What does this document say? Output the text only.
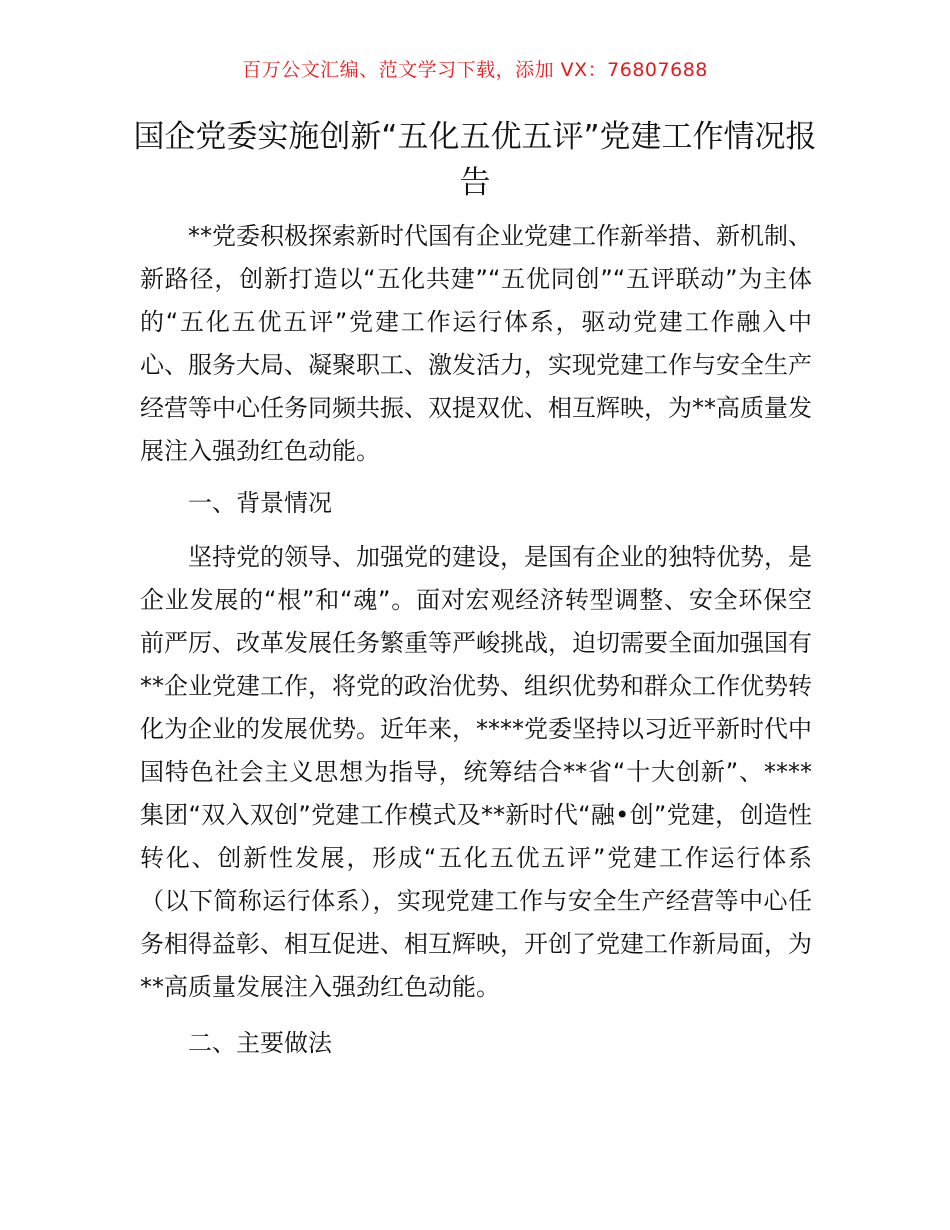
百万公文汇编、范文学习下载，添加 VX：76807688
国企党委实施创新“五化五优五评”党建工作情况报告

**党委积极探索新时代国有企业党建工作新举措、新机制、新路径，创新打造以“五化共建”“五优同创”“五评联动”为主体的“五化五优五评”党建工作运行体系，驱动党建工作融入中心、服务大局、凝聚职工、激发活力，实现党建工作与安全生产经营等中心任务同频共振、双提双优、相互辉映，为**高质量发展注入强劲红色动能。

一、背景情况

坚持党的领导、加强党的建设，是国有企业的独特优势，是企业发展的“根”和“魂”。面对宏观经济转型调整、安全环保空前严厉、改革发展任务繁重等严峻挑战，迫切需要全面加强国有**企业党建工作，将党的政治优势、组织优势和群众工作优势转化为企业的发展优势。近年来，****党委坚持以习近平新时代中国特色社会主义思想为指导，统筹结合**省“十大创新”、****集团“双入双创”党建工作模式及**新时代“融•创”党建，创造性转化、创新性发展，形成“五化五优五评”党建工作运行体系（以下简称运行体系），实现党建工作与安全生产经营等中心任务相得益彰、相互促进、相互辉映，开创了党建工作新局面，为**高质量发展注入强劲红色动能。

二、主要做法
